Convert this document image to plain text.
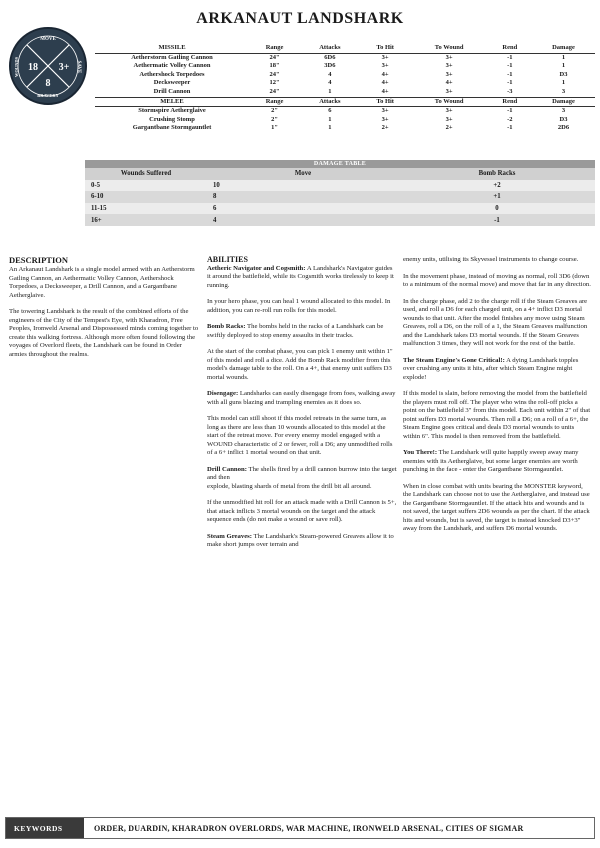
ARKANAUT LANDSHARK
MOVE
SAVE
WOUNDS
BRAVERY
18 3+
8
MISSILE	Range	Attacks	To Hit	To Wound	Rend	Damage
Aetherstorm Gatling Cannon	24"	6D6	3+	3+	-1	1
Aethermatic Volley Cannon	18"	3D6	3+	3+	-1	1
Aethershock Torpedoes	24"	4	4+	3+	-1	D3
Decksweeper	12"	4	4+	4+	-1	1
Drill Cannon	24"	1	4+	3+	-3	3
MELEE	Range	Attacks	To Hit	To Wound	Rend	Damage
Stormspire Aetherglaive	2"	6	3+	3+	-1	3
Crushing Stomp	2"	1	3+	3+	-2	D3
Gargantbane Stormgauntlet	1"	1	2+	2+	-1	2D6
DAMAGE TABLE
Wounds Suffered	Move	Bomb Racks
0-5	10	+2
6-10	8	+1
11-15	6	0
16+	4	-1
DESCRIPTION

An Arkanaut Landshark is a single model armed with an Aetherstorm Gatling Cannon, an Aethermatic Volley Cannon, Aethershock Torpedoes, a Decksweeper, a Drill Cannon, and a Gargantbane Aetherglaive.

The towering Landshark is the result of the combined efforts of the engineers of the City of the Tempest's Eye, with Kharadron, Free Peoples, Ironweld Arsenal and Dispossessed minds coming together to create this walking fortress. Although more often found following the voyages of Overlord fleets, the Landshark can be found in Order armies throughout the realms.

ABILITIES

Aetheric Navigator and Cogsmith: A Landshark's Navigator guides it around the battlefield, while its Cogsmith works tirelessly to keep it running.

In your hero phase, you can heal 1 wound allocated to this model. In addition, you can re-roll run rolls for this model.

Bomb Racks: The bombs held in the racks of a Landshark can be swiftly deployed to stop enemy assaults in their tracks.

At the start of the combat phase, you can pick 1 enemy unit within 1" of this model and roll a dice. Add the Bomb Rack modifier from this model's damage table to the roll. On a 4+, that enemy unit suffers D3 mortal wounds.

Disengage: Landsharks can easily disengage from foes, walking away with all guns blazing and trampling enemies as it does so.

This model can still shoot if this model retreats in the same turn, as long as there are less than 10 wounds allocated to this model at the start of the retreat move. For every enemy model engaged with a WOUND characteristic of 2 or fewer, roll a D6; any unmodified rolls of a 6+ inflict 1 mortal wound on that unit.

Drill Cannon: The shells fired by a drill cannon burrow into the target and then

explode, blasting shards of metal from the drill bit all around.

If the unmodified hit roll for an attack made with a Drill Cannon is 5+, that attack inflicts 3 mortal wounds on the target and the attack sequence ends (do not make a wound or save roll).

Steam Greaves: The Landshark's Steam-powered Greaves allow it to make short jumps over terrain and

enemy units, utilising its Skyvessel instruments to change course.

In the movement phase, instead of moving as normal, roll 3D6 (down to a minimum of the normal move) and move that far in any direction.

In the charge phase, add 2 to the charge roll if the Steam Greaves are used, and roll a D6 for each charged unit, on a 4+ inflict D3 mortal wounds to that unit. After the model finishes any move using Steam Greaves, roll a D6, on the roll of a 1, the Steam Greaves malfunction and the Landshark takes D3 mortal wounds. If the Steam Greaves malfunction 3 times, they will not work for the rest of the battle.

The Steam Engine's Gone Critical!: A dying Landshark topples over crushing any units it hits, after which Steam Engine might explode!

If this model is slain, before removing the model from the battlefield the players must roll off. The player who wins the roll-off picks a point on the battlefield 3" from this model. Each unit within 2" of that point suffers D3 mortal wounds. Then roll a D6; on a roll of a 6+, the Steam Engine goes critical and deals D3 mortal wounds to units within 6". This model is then removed from the battlefield.

You There!: The Landshark will quite happily sweep away many enemies with its Aetherglaive, but some larger enemies are worth punching in the face - enter the Gargantbane Stormgauntlet.

When in close combat with units bearing the MONSTER keyword, the Landshark can choose not to use the Aetherglaive, and instead use the Gargantbane Stormgauntlet. If the attack hits and wounds and is not saved, the target suffers 2D6 wounds as per the chart. If the attack hits and wounds, but is saved, the target is instead knocked D3+3" away from the Landshark, and suffers D6 mortal wounds.

KEYWORDS	ORDER, DUARDIN, KHARADRON OVERLORDS, WAR MACHINE, IRONWELD ARSENAL, CITIES OF SIGMAR
